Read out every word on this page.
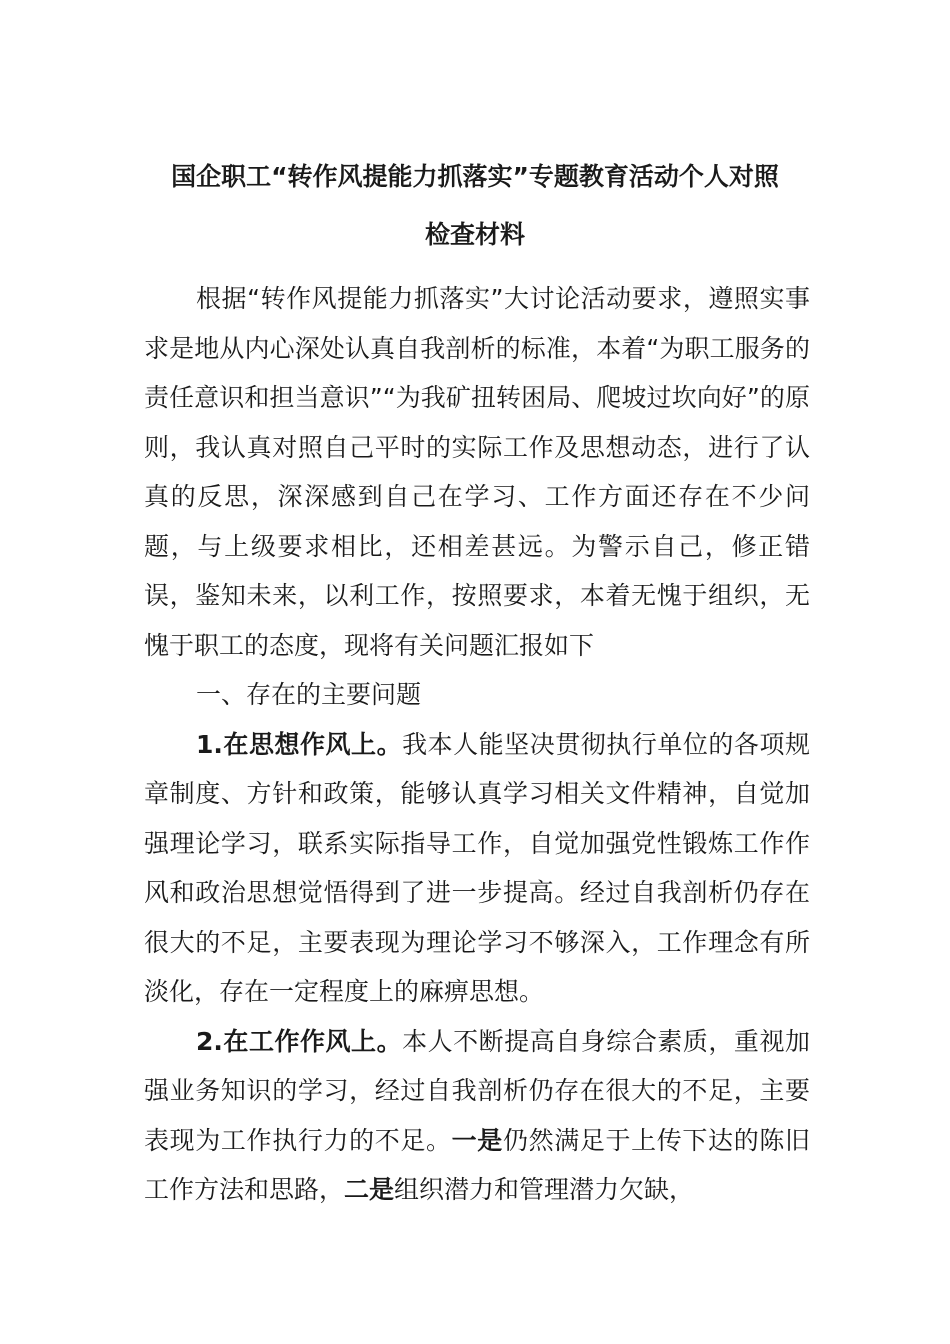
国企职工“转作风提能力抓落实”专题教育活动个人对照
检查材料

根据“转作风提能力抓落实”大讨论活动要求，遵照实事求是地从内心深处认真自我剖析的标准，本着“为职工服务的责任意识和担当意识”“为我矿扭转困局、爬坡过坎向好”的原则，我认真对照自己平时的实际工作及思想动态，进行了认真的反思，深深感到自己在学习、工作方面还存在不少问题，与上级要求相比，还相差甚远。为警示自己，修正错误，鉴知未来，以利工作，按照要求，本着无愧于组织，无愧于职工的态度，现将有关问题汇报如下

一、存在的主要问题

1.在思想作风上。我本人能坚决贯彻执行单位的各项规章制度、方针和政策，能够认真学习相关文件精神，自觉加强理论学习，联系实际指导工作，自觉加强党性锻炼工作作风和政治思想觉悟得到了进一步提高。经过自我剖析仍存在很大的不足，主要表现为理论学习不够深入，工作理念有所淡化，存在一定程度上的麻痹思想。

2.在工作作风上。本人不断提高自身综合素质，重视加强业务知识的学习，经过自我剖析仍存在很大的不足，主要表现为工作执行力的不足。一是仍然满足于上传下达的陈旧工作方法和思路，二是组织潜力和管理潜力欠缺，
